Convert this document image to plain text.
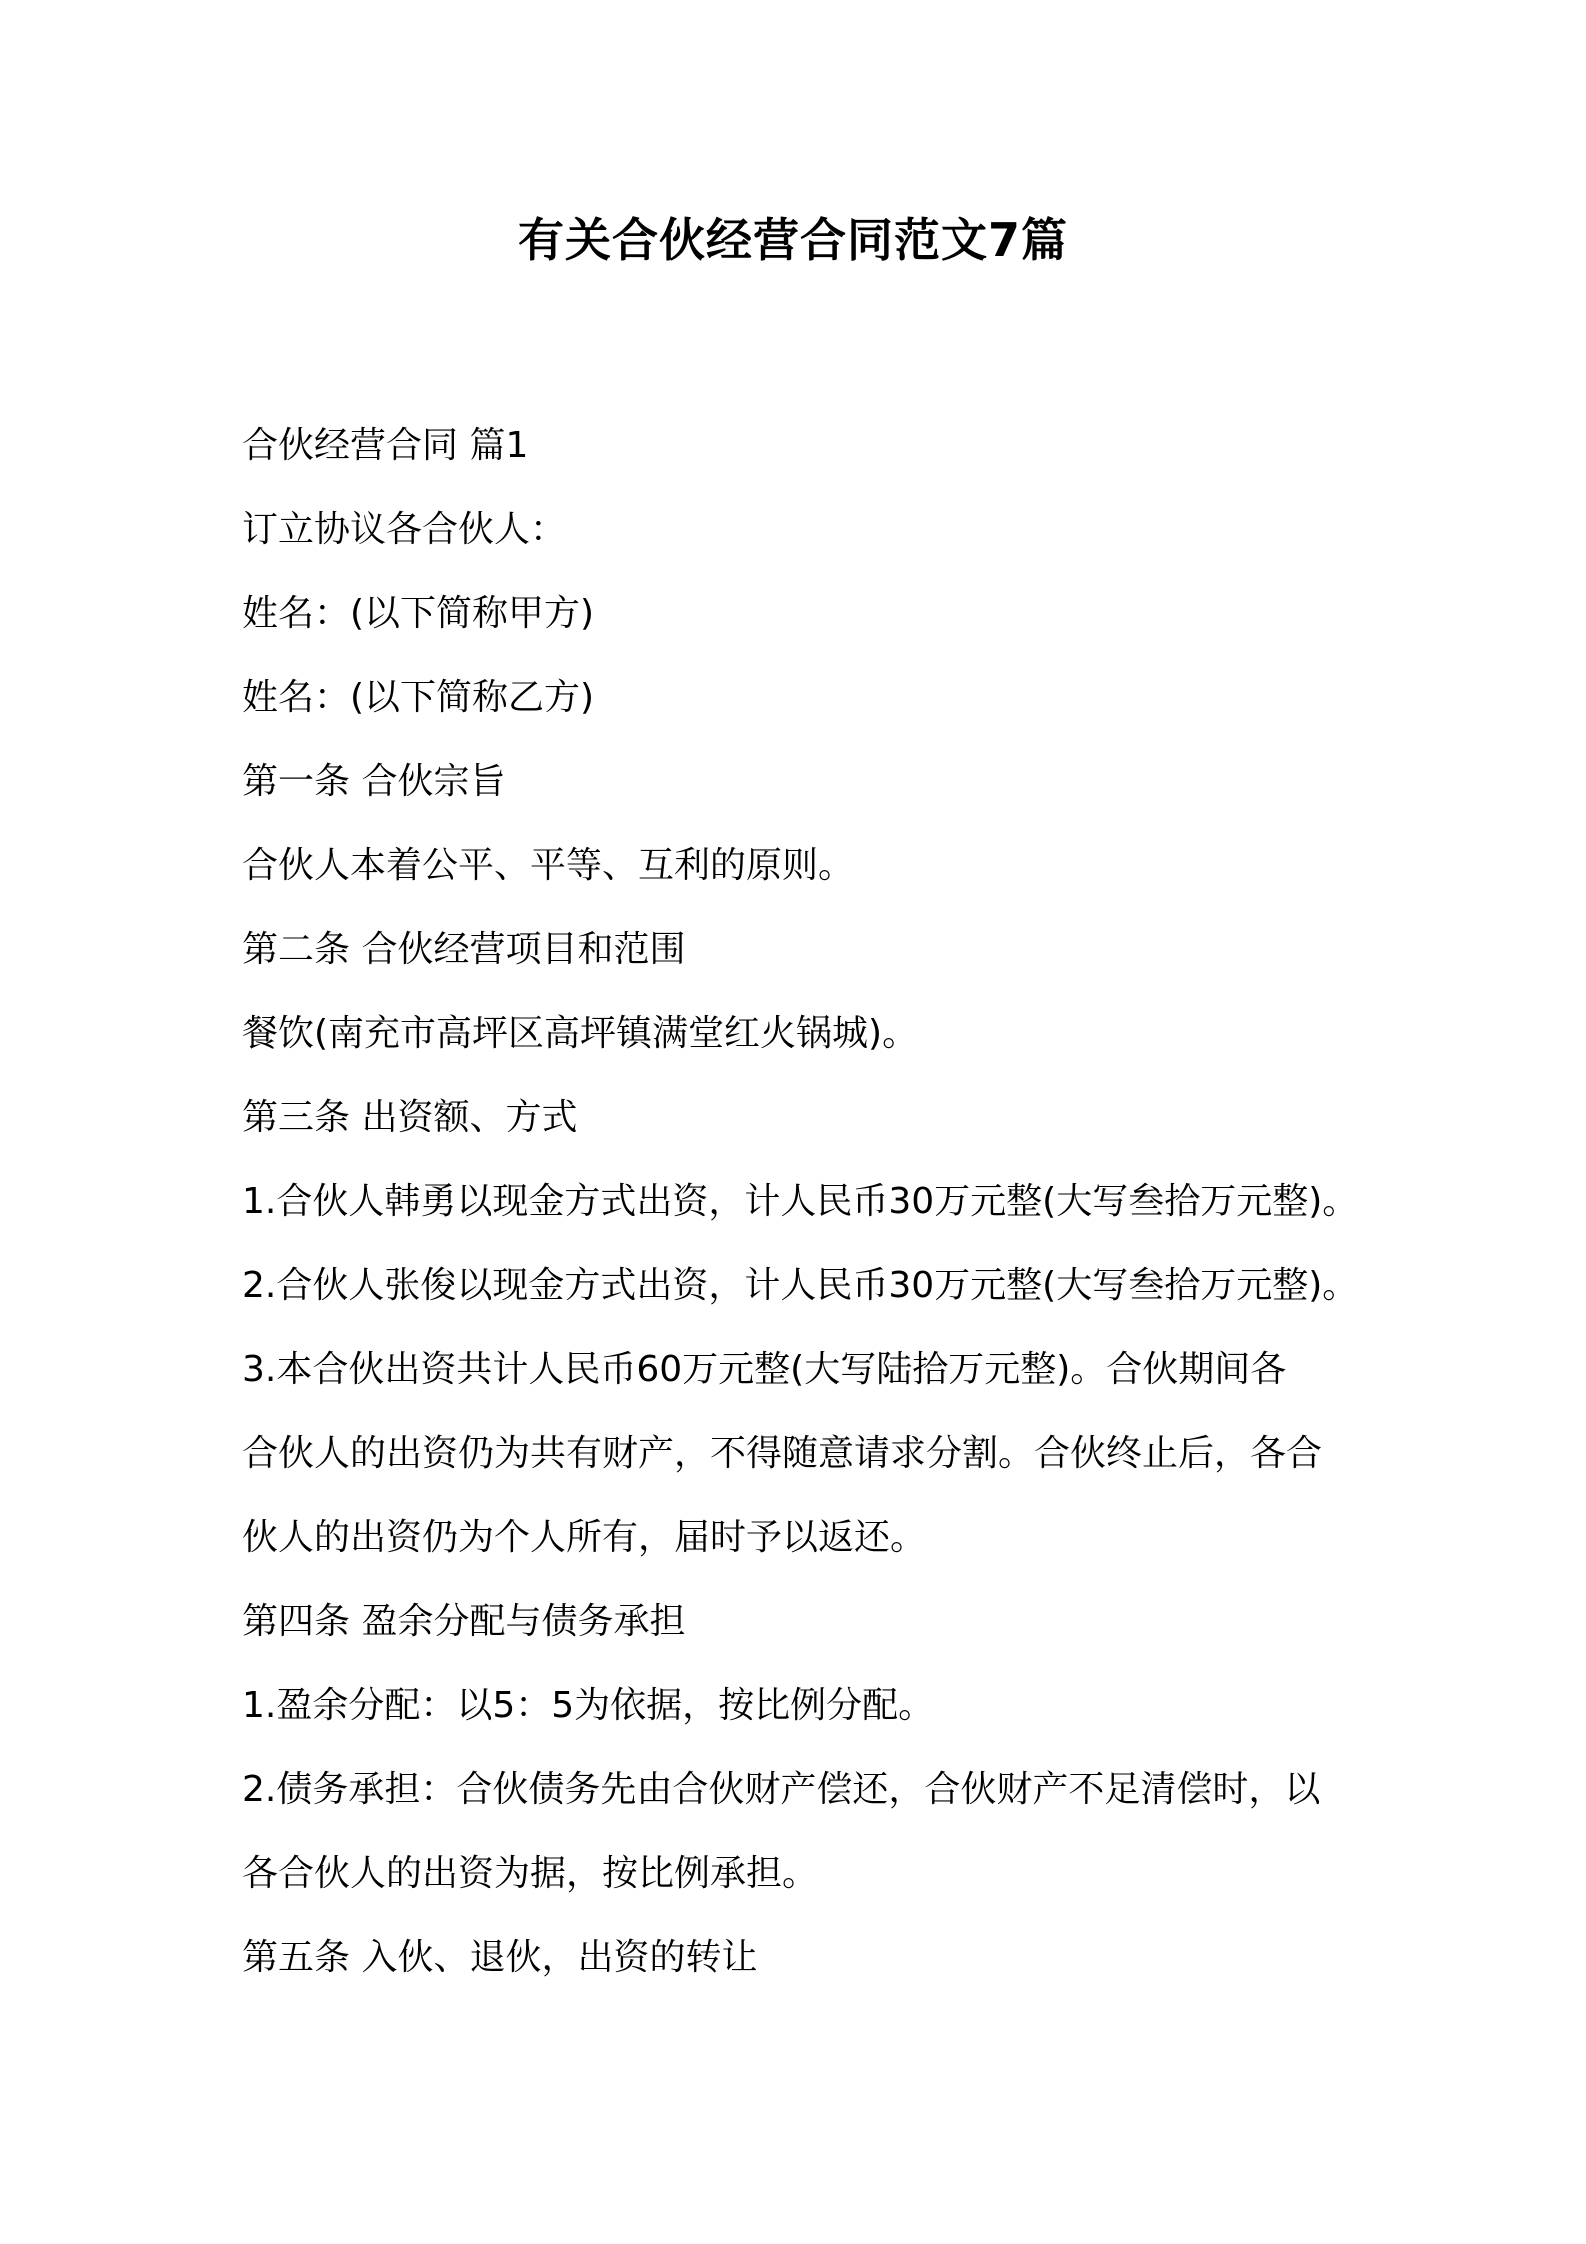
有关合伙经营合同范文7篇

合伙经营合同 篇1

订立协议各合伙人：

姓名：(以下简称甲方)

姓名：(以下简称乙方)

第一条 合伙宗旨

合伙人本着公平、平等、互利的原则。

第二条 合伙经营项目和范围

餐饮(南充市高坪区高坪镇满堂红火锅城)。

第三条 出资额、方式

1.合伙人韩勇以现金方式出资，计人民币30万元整(大写叁拾万元整)。

2.合伙人张俊以现金方式出资，计人民币30万元整(大写叁拾万元整)。

3.本合伙出资共计人民币60万元整(大写陆拾万元整)。合伙期间各

合伙人的出资仍为共有财产，不得随意请求分割。合伙终止后，各合

伙人的出资仍为个人所有，届时予以返还。

第四条 盈余分配与债务承担

1.盈余分配：以5：5为依据，按比例分配。

2.债务承担：合伙债务先由合伙财产偿还，合伙财产不足清偿时，以

各合伙人的出资为据，按比例承担。

第五条 入伙、退伙，出资的转让
